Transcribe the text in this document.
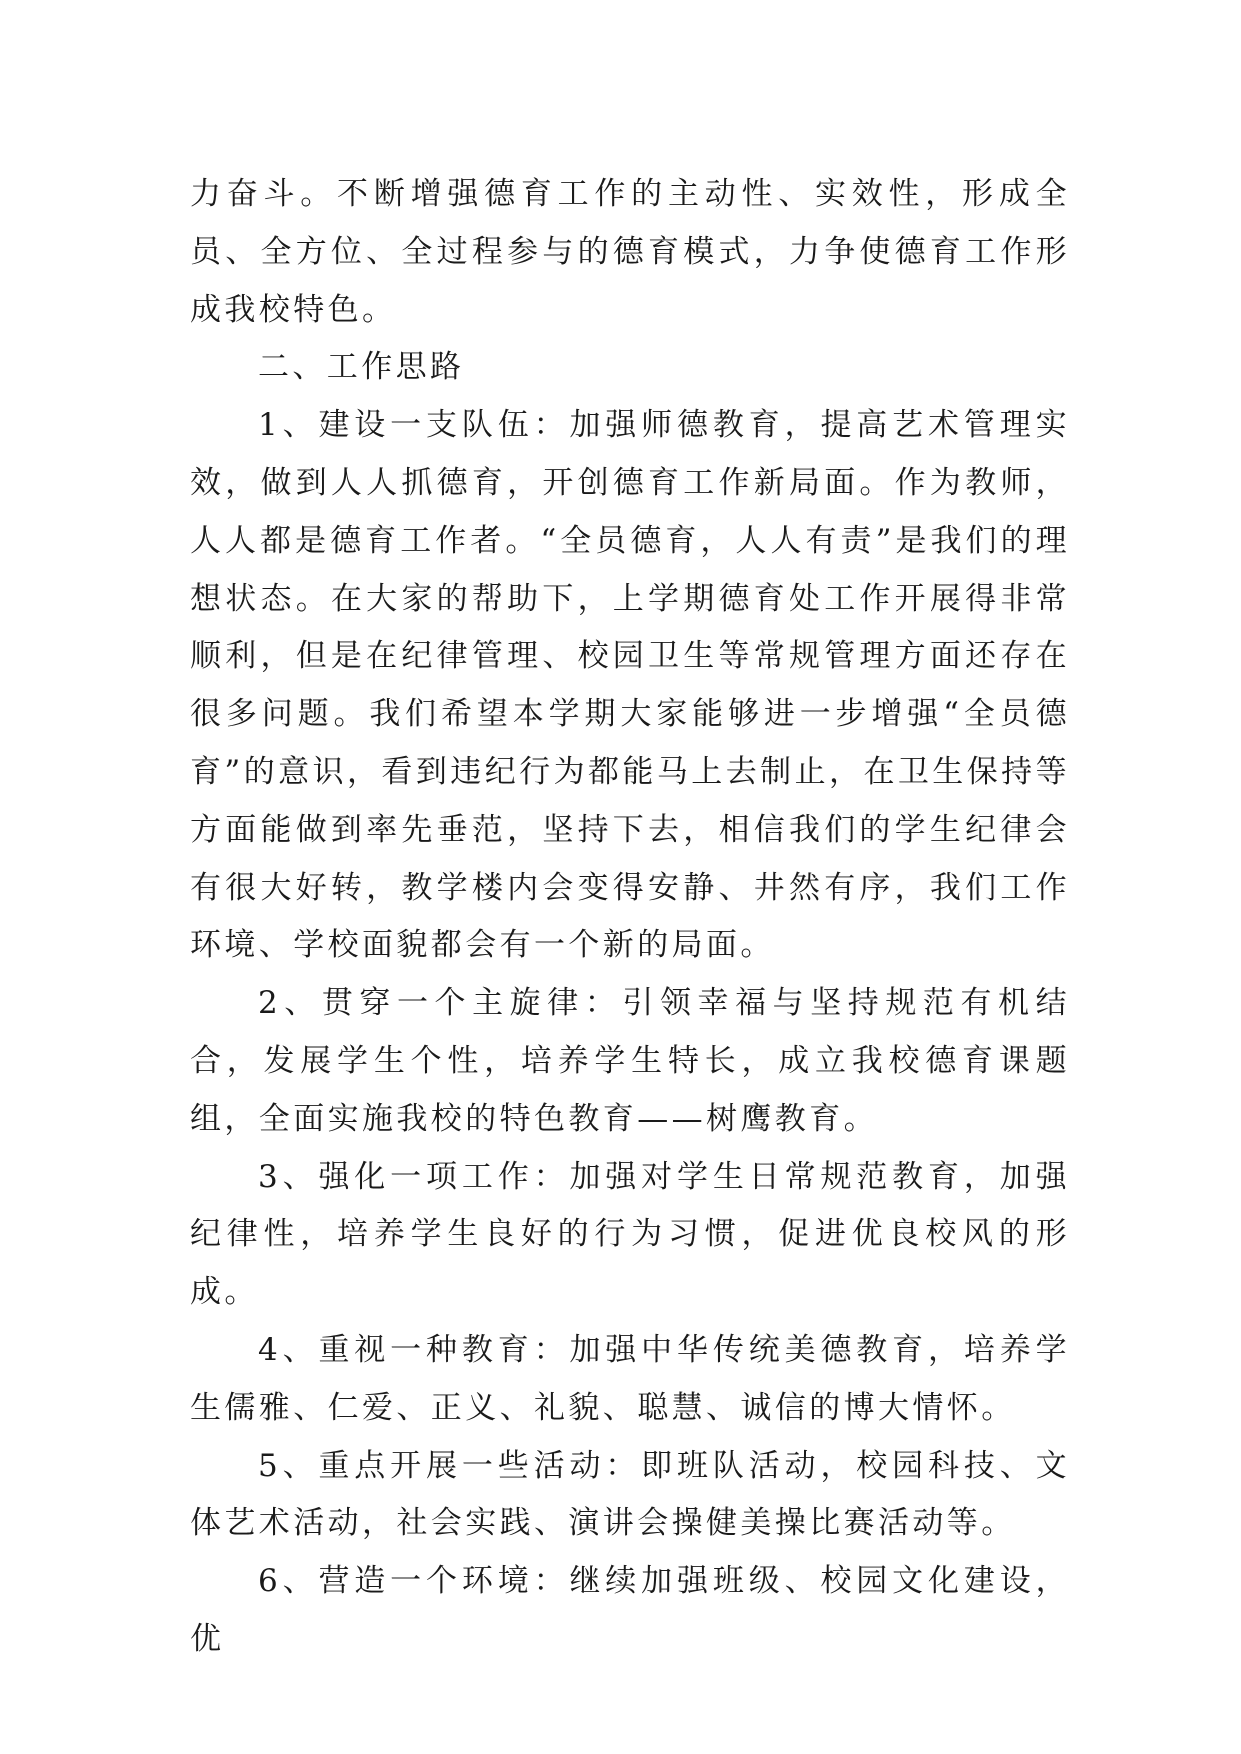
力奋斗。不断增强德育工作的主动性、实效性，形成全员、全方位、全过程参与的德育模式，力争使德育工作形成我校特色。

二、工作思路

1、建设一支队伍：加强师德教育，提高艺术管理实效，做到人人抓德育，开创德育工作新局面。作为教师，人人都是德育工作者。“全员德育，人人有责”是我们的理想状态。在大家的帮助下，上学期德育处工作开展得非常顺利，但是在纪律管理、校园卫生等常规管理方面还存在很多问题。我们希望本学期大家能够进一步增强“全员德育”的意识，看到违纪行为都能马上去制止，在卫生保持等方面能做到率先垂范，坚持下去，相信我们的学生纪律会有很大好转，教学楼内会变得安静、井然有序，我们工作环境、学校面貌都会有一个新的局面。

2、贯穿一个主旋律：引领幸福与坚持规范有机结合，发展学生个性，培养学生特长，成立我校德育课题组，全面实施我校的特色教育——树鹰教育。

3、强化一项工作：加强对学生日常规范教育，加强纪律性，培养学生良好的行为习惯，促进优良校风的形成。

4、重视一种教育：加强中华传统美德教育，培养学生儒雅、仁爱、正义、礼貌、聪慧、诚信的博大情怀。

5、重点开展一些活动：即班队活动，校园科技、文体艺术活动，社会实践、演讲会操健美操比赛活动等。

6、营造一个环境：继续加强班级、校园文化建设，优
